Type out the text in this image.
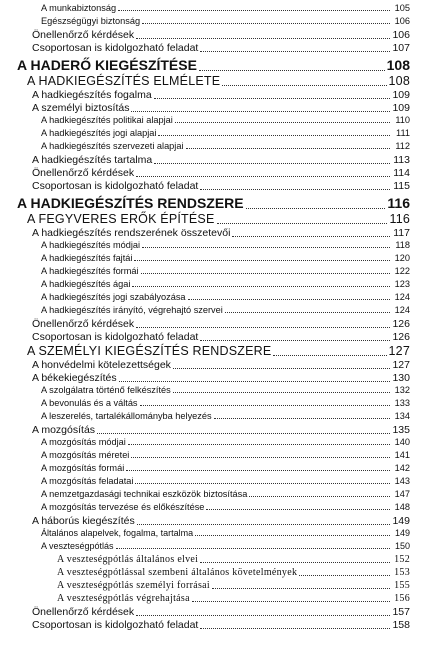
A munkabiztonság	105
Egészségügyi biztonság	106
Önellenőrző kérdések	106
Csoportosan is kidolgozható feladat	107
A HADERŐ KIEGÉSZÍTÉSE	108
A HADKIEGÉSZÍTÉS ELMÉLETE	108
A hadkiegészítés fogalma	109
A személyi biztosítás	109
A hadkiegészítés politikai alapjai	110
A hadkiegészítés jogi alapjai	111
A hadkiegészítés szervezeti alapjai	112
A hadkiegészítés tartalma	113
Önellenőrző kérdések	114
Csoportosan is kidolgozható feladat	115
A HADKIEGÉSZÍTÉS RENDSZERE	116
A FEGYVERES ERŐK ÉPÍTÉSE	116
A hadkiegészítés rendszerének összetevői	117
A hadkiegészítés módjai	118
A hadkiegészítés fajtái	120
A hadkiegészítés formái	122
A hadkiegészítés ágai	123
A hadkiegészítés jogi szabályozása	124
A hadkiegészítés irányító, végrehajtó szervei	124
Önellenőrző kérdések	126
Csoportosan is kidolgozható feladat	126
A SZEMÉLYI KIEGÉSZÍTÉS RENDSZERE	127
A honvédelmi kötelezettségek	127
A békekiegészítés	130
A szolgálatra történő felkészítés	132
A bevonulás és a váltás	133
A leszerelés, tartalékállományba helyezés	134
A mozgósítás	135
A mozgósítás módjai	140
A mozgósítás méretei	141
A mozgósítás formái	142
A mozgósítás feladatai	143
A nemzetgazdasági technikai eszközök biztosítása	147
A mozgósítás tervezése és előkészítése	148
A háborús kiegészítés	149
Általános alapelvek, fogalma, tartalma	149
A veszteségpótlás	150
A veszteségpótlás általános elvei	152
A veszteségpótlással szembeni általános követelmények	153
A veszteségpótlás személyi forrásai	155
A veszteségpótlás végrehajtása	156
Önellenőrző kérdések	157
Csoportosan is kidolgozható feladat	158
